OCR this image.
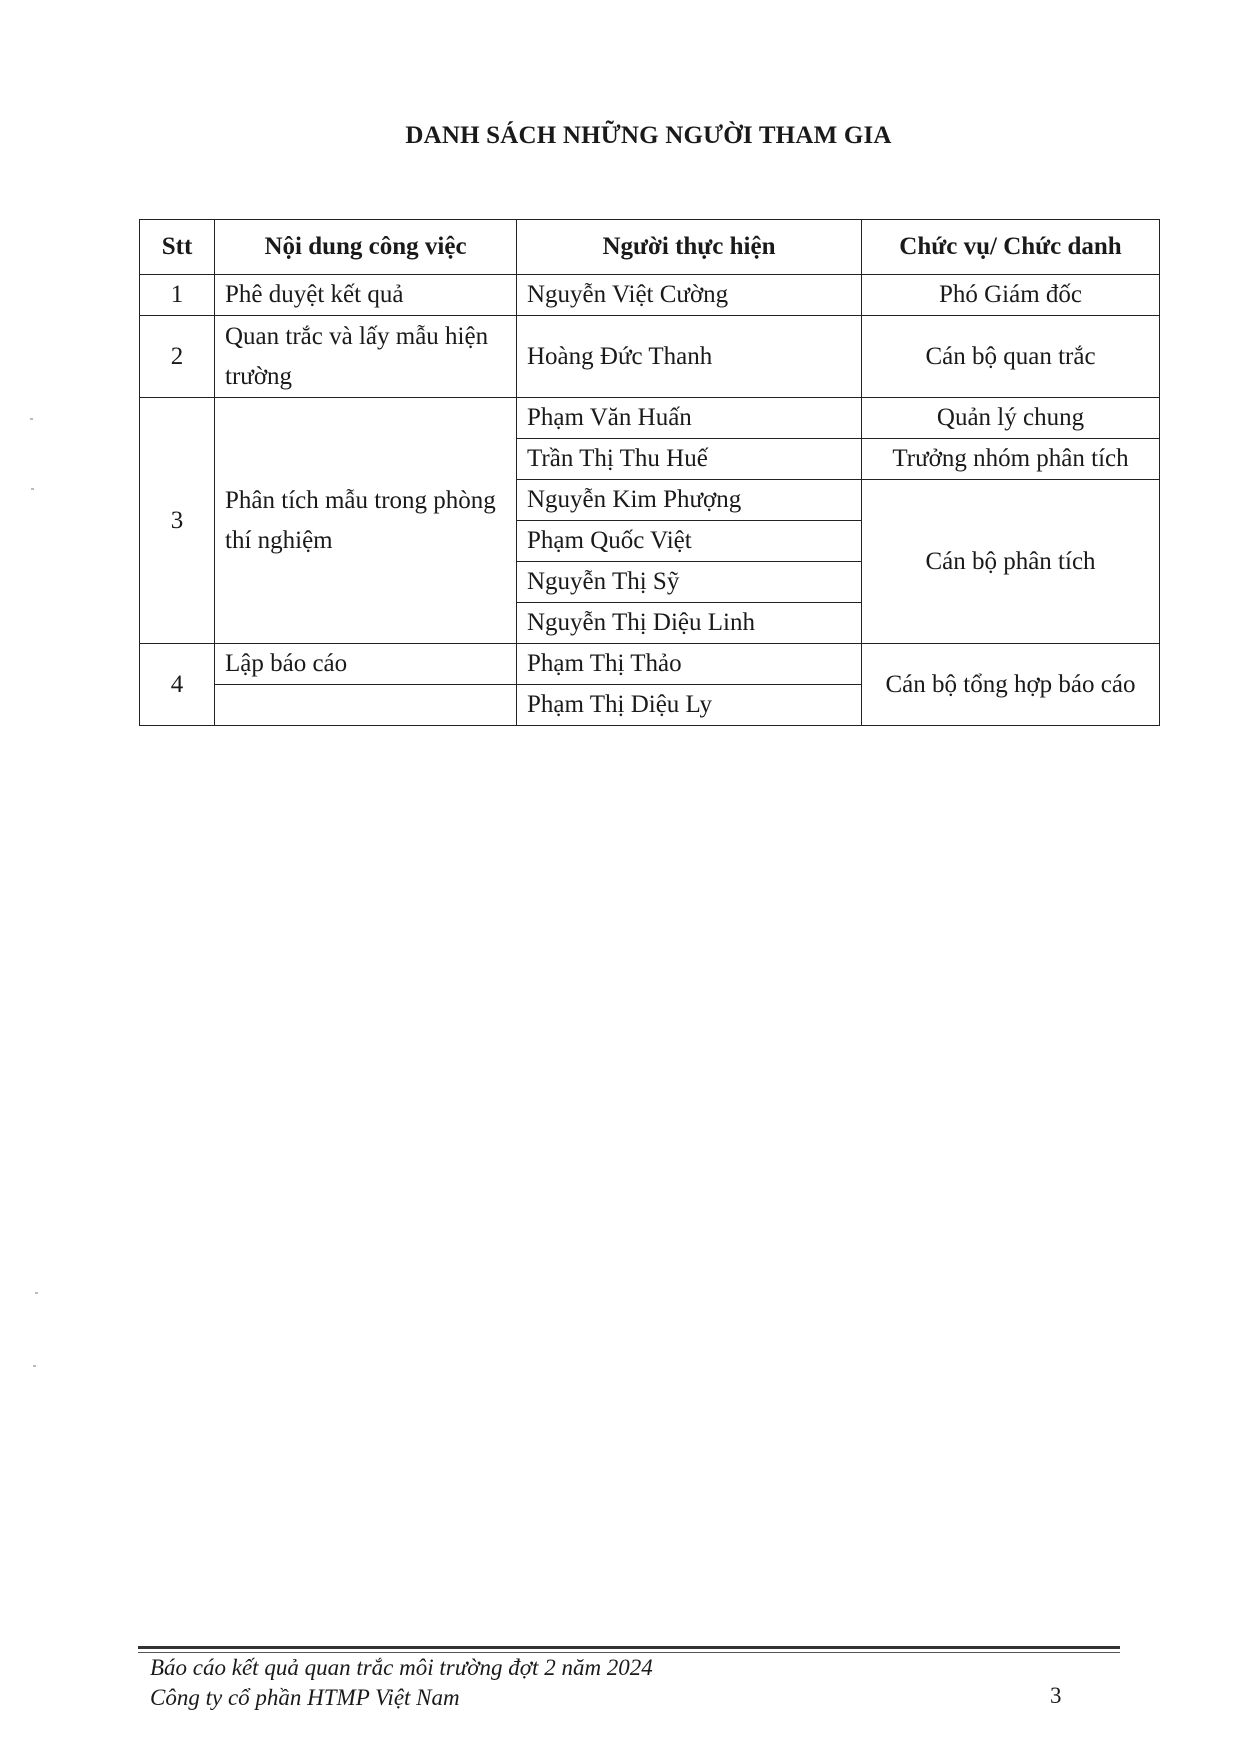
DANH SÁCH NHỮNG NGƯỜI THAM GIA
Stt	Nội dung công việc	Người thực hiện	Chức vụ/ Chức danh
1	Phê duyệt kết quả	Nguyễn Việt Cường	Phó Giám đốc
2	Quan trắc và lấy mẫu hiện trường	Hoàng Đức Thanh	Cán bộ quan trắc
3	Phân tích mẫu trong phòng thí nghiệm	Phạm Văn Huấn	Quản lý chung
		Trần Thị Thu Huế	Trưởng nhóm phân tích
		Nguyễn Kim Phượng	Cán bộ phân tích
		Phạm Quốc Việt	
		Nguyễn Thị Sỹ	
		Nguyễn Thị Diệu Linh	
4	Lập báo cáo	Phạm Thị Thảo	Cán bộ tổng hợp báo cáo
		Phạm Thị Diệu Ly	
Báo cáo kết quả quan trắc môi trường đợt 2 năm 2024
Công ty cổ phần HTMP Việt Nam	3
